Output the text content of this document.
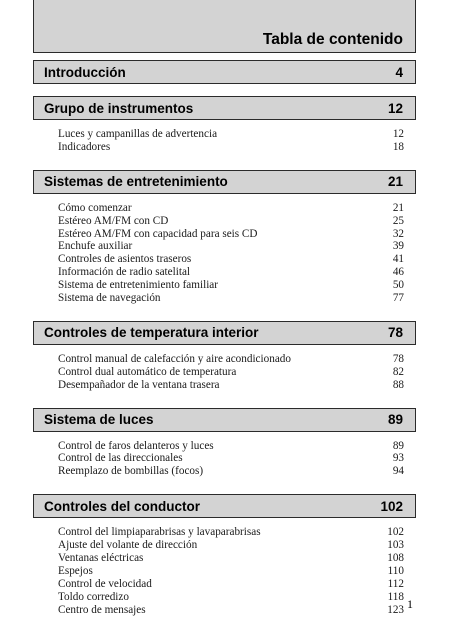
Tabla de contenido
Introducción	4
Grupo de instrumentos	12
Luces y campanillas de advertencia	12
Indicadores	18
Sistemas de entretenimiento	21
Cómo comenzar	21
Estéreo AM/FM con CD	25
Estéreo AM/FM con capacidad para seis CD	32
Enchufe auxiliar	39
Controles de asientos traseros	41
Información de radio satelital	46
Sistema de entretenimiento familiar	50
Sistema de navegación	77
Controles de temperatura interior	78
Control manual de calefacción y aire acondicionado	78
Control dual automático de temperatura	82
Desempañador de la ventana trasera	88
Sistema de luces	89
Control de faros delanteros y luces	89
Control de las direccionales	93
Reemplazo de bombillas (focos)	94
Controles del conductor	102
Control del limpiaparabrisas y lavaparabrisas	102
Ajuste del volante de dirección	103
Ventanas eléctricas	108
Espejos	110
Control de velocidad	112
Toldo corredizo	118
Centro de mensajes	123 1
